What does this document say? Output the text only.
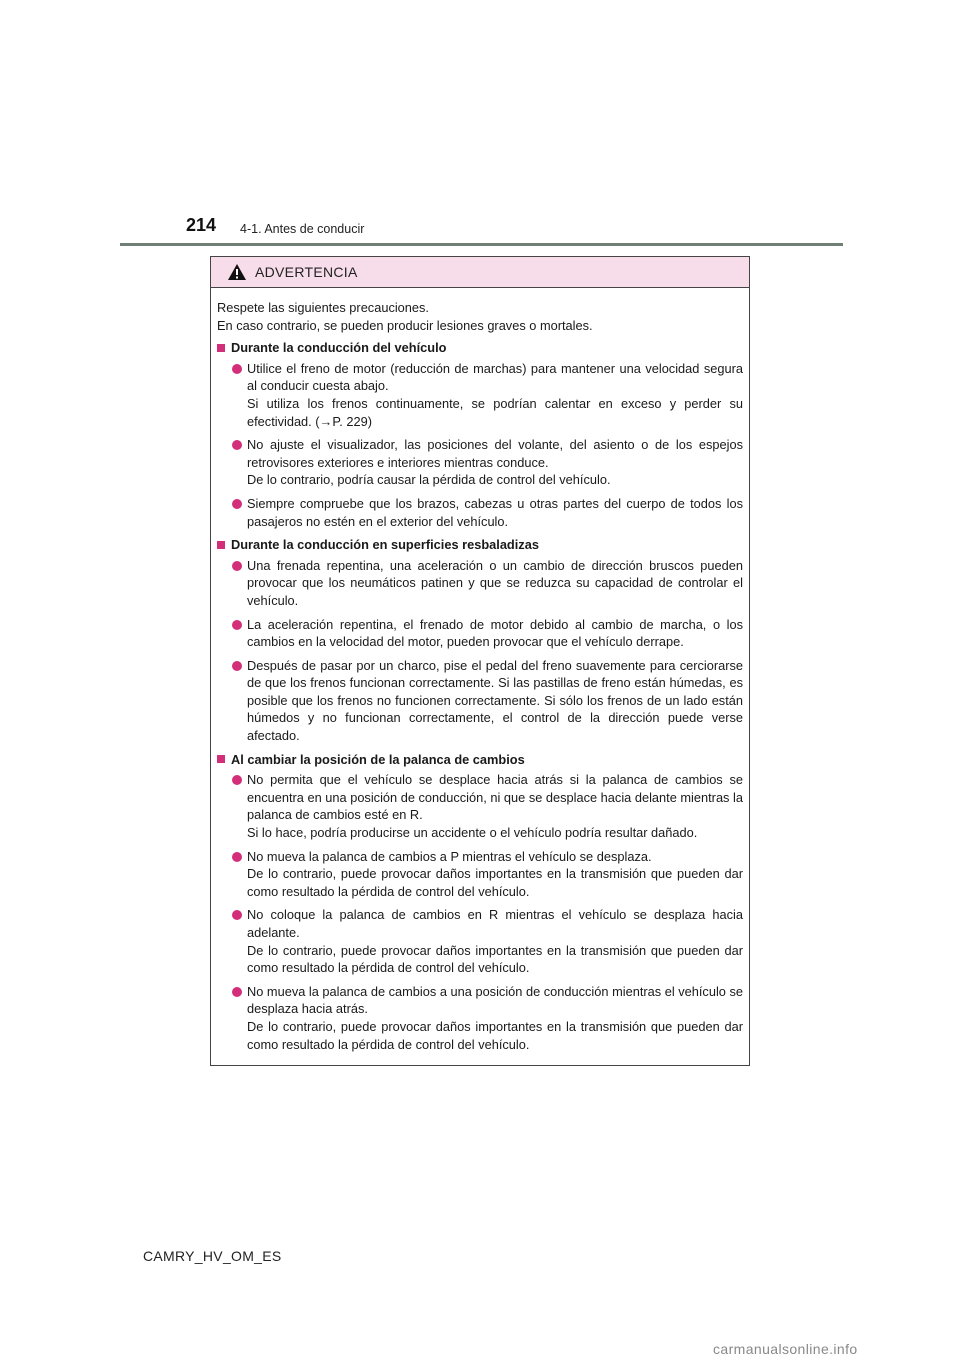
214 4-1. Antes de conducir
ADVERTENCIA
Respete las siguientes precauciones.
En caso contrario, se pueden producir lesiones graves o mortales.
Durante la conducción del vehículo

Utilice el freno de motor (reducción de marchas) para mantener una velocidad segura al conducir cuesta abajo.

Si utiliza los frenos continuamente, se podrían calentar en exceso y perder su efectividad. (→P. 229)

No ajuste el visualizador, las posiciones del volante, del asiento o de los espejos retrovisores exteriores e interiores mientras conduce.

De lo contrario, podría causar la pérdida de control del vehículo.

Siempre compruebe que los brazos, cabezas u otras partes del cuerpo de todos los pasajeros no estén en el exterior del vehículo.

Durante la conducción en superficies resbaladizas

Una frenada repentina, una aceleración o un cambio de dirección bruscos pueden provocar que los neumáticos patinen y que se reduzca su capacidad de controlar el vehículo.

La aceleración repentina, el frenado de motor debido al cambio de marcha, o los cambios en la velocidad del motor, pueden provocar que el vehículo derrape.

Después de pasar por un charco, pise el pedal del freno suavemente para cerciorarse de que los frenos funcionan correctamente. Si las pastillas de freno están húmedas, es posible que los frenos no funcionen correctamente. Si sólo los frenos de un lado están húmedos y no funcionan correctamente, el control de la dirección puede verse afectado.

Al cambiar la posición de la palanca de cambios

No permita que el vehículo se desplace hacia atrás si la palanca de cambios se encuentra en una posición de conducción, ni que se desplace hacia delante mientras la palanca de cambios esté en R.

Si lo hace, podría producirse un accidente o el vehículo podría resultar dañado.

No mueva la palanca de cambios a P mientras el vehículo se desplaza.

De lo contrario, puede provocar daños importantes en la transmisión que pueden dar como resultado la pérdida de control del vehículo.

No coloque la palanca de cambios en R mientras el vehículo se desplaza hacia adelante.

De lo contrario, puede provocar daños importantes en la transmisión que pueden dar como resultado la pérdida de control del vehículo.

No mueva la palanca de cambios a una posición de conducción mientras el vehículo se desplaza hacia atrás.

De lo contrario, puede provocar daños importantes en la transmisión que pueden dar como resultado la pérdida de control del vehículo.

CAMRY_HV_OM_ES
carmanualsonline.info
